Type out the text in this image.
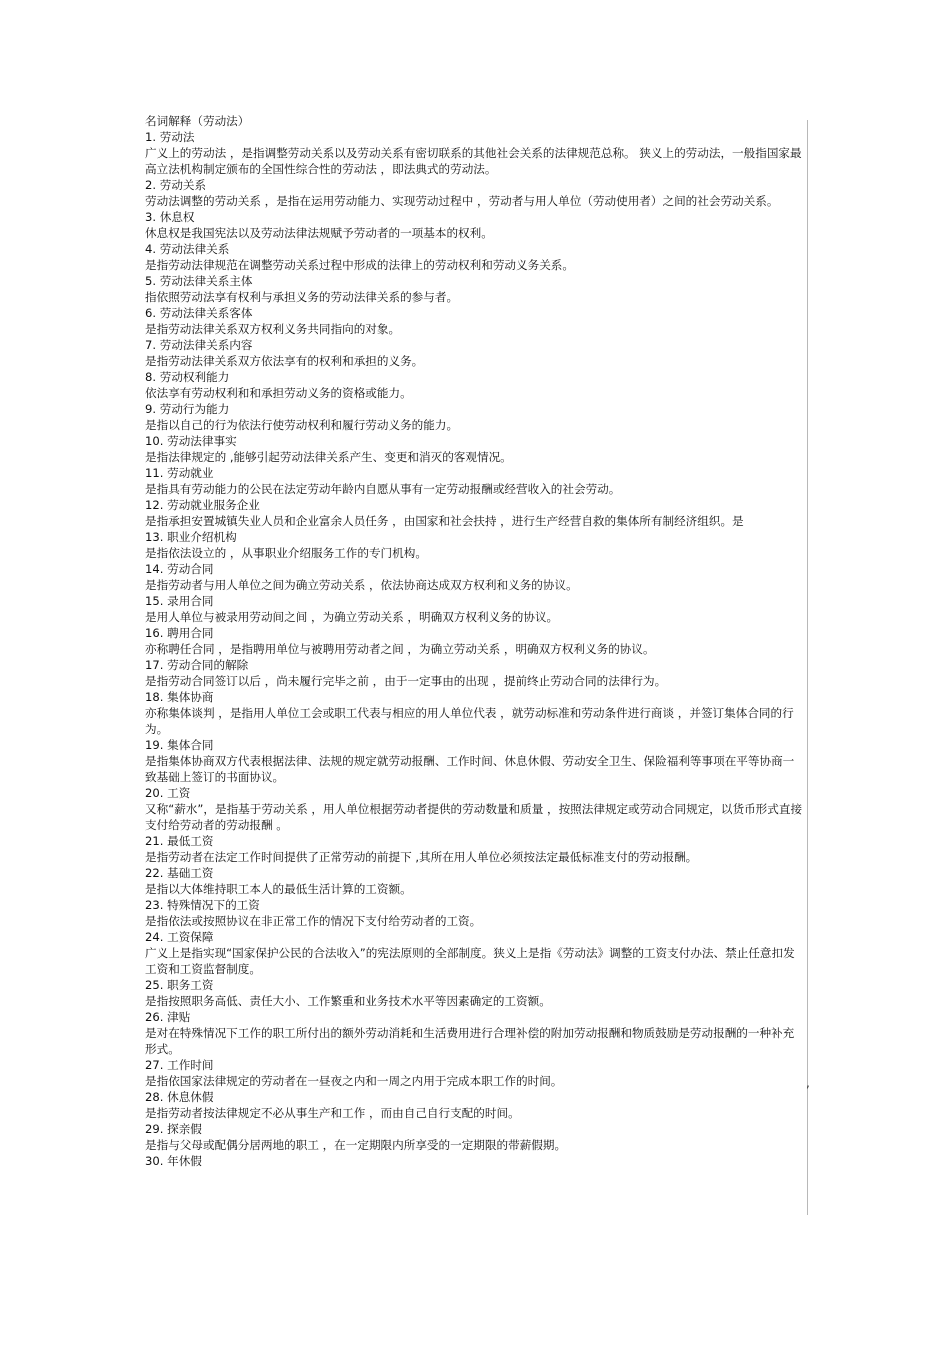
,
名词解释（劳动法）
1. 劳动法
广义上的劳动法 ，是指调整劳动关系以及劳动关系有密切联系的其他社会关系的法律规范总称。 狭义上的劳动法，一般指国家最高立法机构制定颁布的全国性综合性的劳动法 ，即法典式的劳动法。
2. 劳动关系
劳动法调整的劳动关系 ，是指在运用劳动能力、实现劳动过程中 ，劳动者与用人单位（劳动使用者）之间的社会劳动关系。
3. 休息权
休息权是我国宪法以及劳动法律法规赋予劳动者的一项基本的权利。
4. 劳动法律关系
是指劳动法律规范在调整劳动关系过程中形成的法律上的劳动权利和劳动义务关系。
5. 劳动法律关系主体
指依照劳动法享有权利与承担义务的劳动法律关系的参与者。
6. 劳动法律关系客体
是指劳动法律关系双方权利义务共同指向的对象。
7. 劳动法律关系内容
是指劳动法律关系双方依法享有的权利和承担的义务。
8. 劳动权利能力
依法享有劳动权利和和承担劳动义务的资格或能力。
9. 劳动行为能力
是指以自己的行为依法行使劳动权利和履行劳动义务的能力。
10. 劳动法律事实
是指法律规定的 ,能够引起劳动法律关系产生、变更和消灭的客观情况。
11. 劳动就业
是指具有劳动能力的公民在法定劳动年龄内自愿从事有一定劳动报酬或经营收入的社会劳动。
12. 劳动就业服务企业
是指承担安置城镇失业人员和企业富余人员任务 ，由国家和社会扶持 ，进行生产经营自救的集体所有制经济组织。是
13. 职业介绍机构
是指依法设立的 ，从事职业介绍服务工作的专门机构。
14. 劳动合同
是指劳动者与用人单位之间为确立劳动关系 ，依法协商达成双方权利和义务的协议。
15. 录用合同
是用人单位与被录用劳动间之间 ，为确立劳动关系 ，明确双方权利义务的协议。
16. 聘用合同
亦称聘任合同 ，是指聘用单位与被聘用劳动者之间 ，为确立劳动关系 ，明确双方权利义务的协议。
17. 劳动合同的解除
是指劳动合同签订以后 ，尚未履行完毕之前 ，由于一定事由的出现 ，提前终止劳动合同的法律行为。
18. 集体协商
亦称集体谈判 ，是指用人单位工会或职工代表与相应的用人单位代表 ，就劳动标准和劳动条件进行商谈 ，并签订集体合同的行为。
19. 集体合同
是指集体协商双方代表根据法律、法规的规定就劳动报酬、工作时间、休息休假、劳动安全卫生、保险福利等事项在平等协商一致基础上签订的书面协议。
20. 工资
又称“薪水”，是指基于劳动关系 ，用人单位根据劳动者提供的劳动数量和质量 ，按照法律规定或劳动合同规定，以货币形式直接支付给劳动者的劳动报酬 。
21. 最低工资
是指劳动者在法定工作时间提供了正常劳动的前提下 ,其所在用人单位必须按法定最低标准支付的劳动报酬。
22. 基础工资
是指以大体维持职工本人的最低生活计算的工资额。
23. 特殊情况下的工资
是指依法或按照协议在非正常工作的情况下支付给劳动者的工资。
24. 工资保障
广义上是指实现“国家保护公民的合法收入”的宪法原则的全部制度。狭义上是指《劳动法》调整的工资支付办法、禁止任意扣发工资和工资监督制度。
25. 职务工资
是指按照职务高低、责任大小、工作繁重和业务技术水平等因素确定的工资额。
26. 津贴
是对在特殊情况下工作的职工所付出的额外劳动消耗和生活费用进行合理补偿的附加劳动报酬和物质鼓励是劳动报酬的一种补充形式。
27. 工作时间
是指依国家法律规定的劳动者在一昼夜之内和一周之内用于完成本职工作的时间。
28. 休息休假
是指劳动者按法律规定不必从事生产和工作 ，而由自己自行支配的时间。
29. 探亲假
是指与父母或配偶分居两地的职工 ，在一定期限内所享受的一定期限的带薪假期。
30. 年休假
